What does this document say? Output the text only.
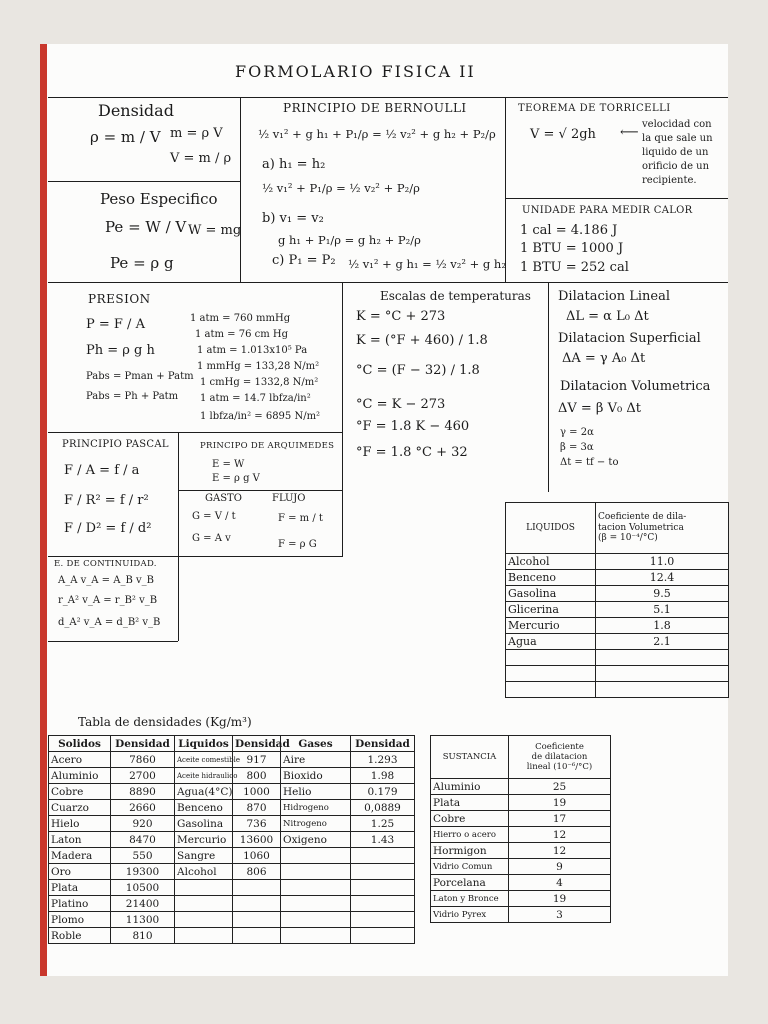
FORMOLARIO FISICA II
Densidad
ρ = m / V m = ρ V
V = m / ρ
Peso Especifico
Pe = W / V W = mg
Pe = ρ g
PRINCIPIO DE BERNOULLI
½ v₁² + g h₁ + P₁/ρ = ½ v₂² + g h₂ + P₂/ρ
a) h₁ = h₂
½ v₁² + P₁/ρ = ½ v₂² + P₂/ρ
b) v₁ = v₂
g h₁ + P₁/ρ = g h₂ + P₂/ρ
c) P₁ = P₂ ½ v₁² + g h₁ = ½ v₂² + g h₂
TEOREMA DE TORRICELLI
V = √ 2gh ⟵
velocidad con
la que sale un
liquido de un
orificio de un
recipiente.
UNIDADE PARA MEDIR CALOR
1 cal = 4.186 J
1 BTU = 1000 J
1 BTU = 252 cal
PRESION
P = F / A
Ph = ρ g h
Pabs = Pman + Patm
Pabs = Ph + Patm
1 atm = 760 mmHg
1 atm = 76 cm Hg
1 atm = 1.013x10⁵ Pa
1 mmHg = 133,28 N/m²
1 cmHg = 1332,8 N/m²
1 atm = 14.7 lbfza/in²
1 lbfza/in² = 6895 N/m²
Escalas de temperaturas
K = °C + 273
K = (°F + 460) / 1.8
°C = (F − 32) / 1.8
°C = K − 273
°F = 1.8 K − 460
°F = 1.8 °C + 32
Dilatacion Lineal
ΔL = α L₀ Δt
Dilatacion Superficial
ΔA = γ A₀ Δt
Dilatacion Volumetrica
ΔV = β V₀ Δt
γ = 2α
β = 3α
Δt = tf − to
PRINCIPIO PASCAL
F / A = f / a
F / R² = f / r²
F / D² = f / d²
PRINCIPO DE ARQUIMEDES
E = W
E = ρ g V
GASTO
G = V / t
G = A v
FLUJO
F = m / t
F = ρ G
E. DE CONTINUIDAD.
A_A v_A = A_B v_B
r_A² v_A = r_B² v_B
d_A² v_A = d_B² v_B
LIQUIDOS	Coeficiente de dila-
tacion Volumetrica
(β = 10⁻⁴/°C)

Alcohol	11.0
Benceno	12.4
Gasolina	9.5
Glicerina	5.1
Mercurio	1.8
Agua	2.1

Tabla de densidades (Kg/m³)
Solidos	Densidad	Liquidos	Densidad	Gases	Densidad
Acero	7860	Aceite comestible	917	Aire	1.293
Aluminio	2700	Aceite hidraulico	800	Bioxido	1.98
Cobre	8890	Agua(4°C)	1000	Helio	0.179
Cuarzo	2660	Benceno	870	Hidrogeno	0,0889
Hielo	920	Gasolina	736	Nitrogeno	1.25
Laton	8470	Mercurio	13600	Oxigeno	1.43
Madera	550	Sangre	1060		
Oro	19300	Alcohol	806		
Plata	10500				
Platino	21400				
Plomo	11300				
Roble	810				
SUSTANCIA	Coeficiente
de dilatacion
lineal (10⁻⁶/°C)

Aluminio	25
Plata	19
Cobre	17
Hierro o acero	12
Hormigon	12
Vidrio Comun	9
Porcelana	4
Laton y Bronce	19
Vidrio Pyrex	3
